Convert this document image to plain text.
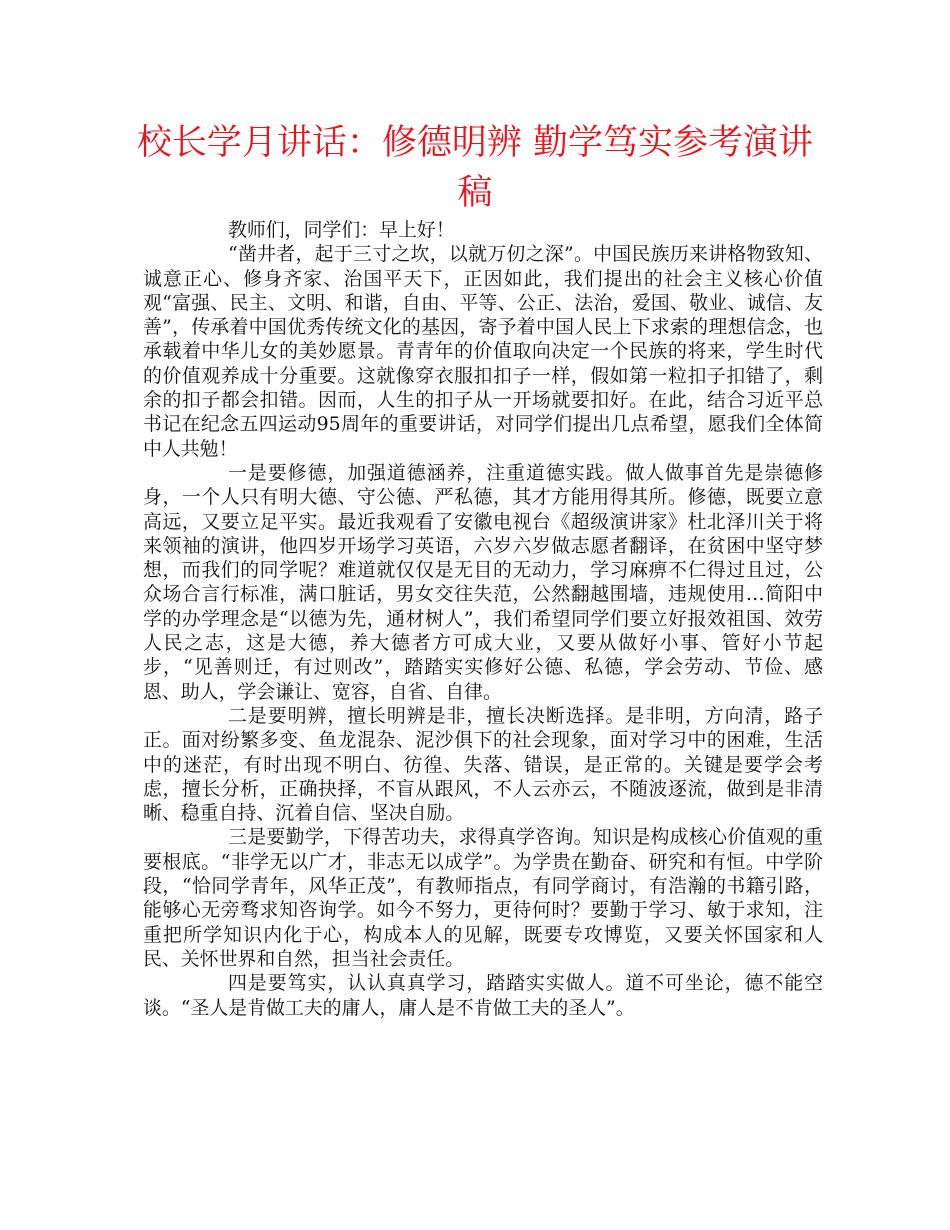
校长学月讲话：修德明辨 勤学笃实参考演讲稿

教师们，同学们：早上好！

“凿井者，起于三寸之坎，以就万仞之深”。中国民族历来讲格物致知、诚意正心、修身齐家、治国平天下，正因如此，我们提出的社会主义核心价值观“富强、民主、文明、和谐，自由、平等、公正、法治，爱国、敬业、诚信、友善”，传承着中国优秀传统文化的基因，寄予着中国人民上下求索的理想信念，也承载着中华儿女的美妙愿景。青青年的价值取向决定一个民族的将来，学生时代的价值观养成十分重要。这就像穿衣服扣扣子一样，假如第一粒扣子扣错了，剩余的扣子都会扣错。因而，人生的扣子从一开场就要扣好。在此，结合习近平总书记在纪念五四运动95周年的重要讲话，对同学们提出几点希望，愿我们全体简中人共勉！

一是要修德，加强道德涵养，注重道德实践。做人做事首先是崇德修身，一个人只有明大德、守公德、严私德，其才方能用得其所。修德，既要立意高远，又要立足平实。最近我观看了安徽电视台《超级演讲家》杜北泽川关于将来领袖的演讲，他四岁开场学习英语，六岁六岁做志愿者翻译，在贫困中坚守梦想，而我们的同学呢？难道就仅仅是无目的无动力，学习麻痹不仁得过且过，公众场合言行标准，满口脏话，男女交往失范，公然翻越围墙，违规使用…简阳中学的办学理念是“以德为先，通材树人”，我们希望同学们要立好报效祖国、效劳人民之志，这是大德，养大德者方可成大业，又要从做好小事、管好小节起步，“见善则迁，有过则改”，踏踏实实修好公德、私德，学会劳动、节俭、感恩、助人，学会谦让、宽容，自省、自律。

二是要明辨，擅长明辨是非，擅长决断选择。是非明，方向清，路子正。面对纷繁多变、鱼龙混杂、泥沙俱下的社会现象，面对学习中的困难，生活中的迷茫，有时出现不明白、彷徨、失落、错误，是正常的。关键是要学会考虑，擅长分析，正确抉择，不盲从跟风，不人云亦云，不随波逐流，做到是非清晰、稳重自持、沉着自信、坚决自励。

三是要勤学，下得苦功夫，求得真学咨询。知识是构成核心价值观的重要根底。“非学无以广才，非志无以成学”。为学贵在勤奋、研究和有恒。中学阶段，“恰同学青年，风华正茂”，有教师指点，有同学商讨，有浩瀚的书籍引路，能够心无旁骛求知咨询学。如今不努力，更待何时？要勤于学习、敏于求知，注重把所学知识内化于心，构成本人的见解，既要专攻博览，又要关怀国家和人民、关怀世界和自然，担当社会责任。

四是要笃实，认认真真学习，踏踏实实做人。道不可坐论，德不能空谈。“圣人是肯做工夫的庸人，庸人是不肯做工夫的圣人”。
